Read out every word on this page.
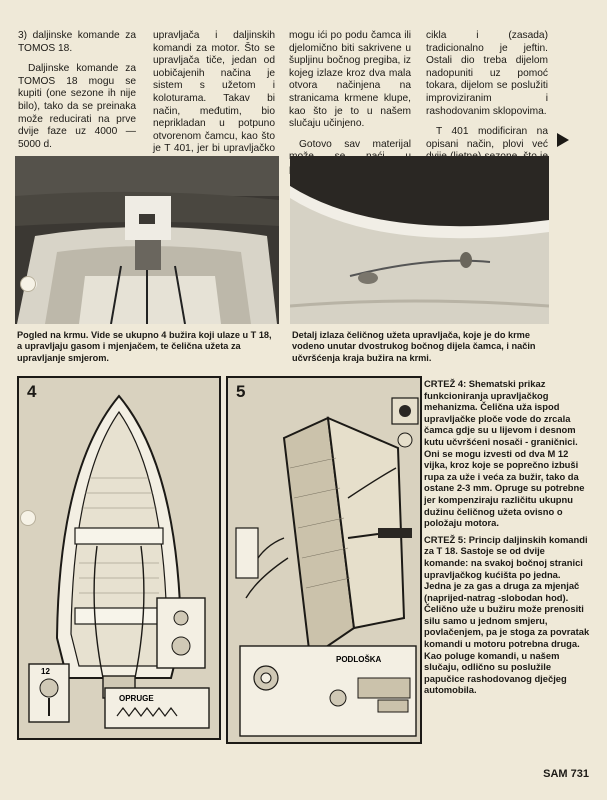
3) daljinske komande za TOMOS 18.

Daljinske komande za TOMOS 18 mogu se kupiti (one sezone ih nije bilo), tako da se preinaka može reducirati na prve dvije faze uz 4000 — 5000 d.

upravljača i daljinskih komandi za motor. Što se upravljača tiče, jedan od uobičajenih načina je sistem s užetom i koloturama. Takav bi način, međutim, bio neprikladan u potpuno otvorenom čamcu, kao što je T 401, jer bi upravljačko

mogu ići po podu čamca ili djelomično biti sakrivene u šupljinu bočnog pregiba, iz kojeg izlaze kroz dva mala otvora načinjena na stranicama krmene klupe, kao što je to u našem slučaju učinjeno.

Gotovo sav materijal

cikla i (zasada) tradicionalno je jeftin. Ostali dio treba dijelom nadopuniti uz pomoć tokara, dijelom se poslužiti improviziranim i rashodovanim sklopovima.

T 401 modificiran na opisani način, plovi već

Pogled na krmu. Vide se ukupno 4 bužira koji ulaze u T 18, a upravljaju gasom i mjenjačem, te čelična užeta za upravljanje smjerom.
Detalj izlaza čeličnog užeta upravljača, koje je do krme vodeno unutar dvostrukog bočnog dijela čamca, i način učvršćenja kraja bužira na krmi.
12
OPRUGE
4
PODLOŠKA
5	CRTEŽ 4: Shematski prikaz funkcioniranja upravljačkog mehanizma. Čelična uža ispod upravljačke ploče vode do zrcala čamca gdje su u lijevom i desnom kutu učvršćeni nosači - graničnici. Oni se mogu izvesti od dva M 12 vijka, kroz koje se poprečno izbuši rupa za uže i veća za bužir, tako da ostane 2-3 mm. Opruge su potrebne jer kompenziraju različitu ukupnu dužinu čeličnog užeta ovisno o položaju motora.

CRTEŽ 5: Princip daljinskih komandi za T 18. Sastoje se od dvije komande: na svakoj bočnoj stranici upravljačkog kućišta po jedna. Jedna je za gas a druga za mjenjač (naprijed-natrag -slobodan hod). Čelično uže u bužiru može prenositi silu samo u jednom smjeru, povlačenjem, pa je stoga za povratak komandi u motoru potrebna druga. Kao poluge komandi, u našem slučaju, odlično su poslužile papučice rashodovanog dječjeg automobila.

SAM 731
